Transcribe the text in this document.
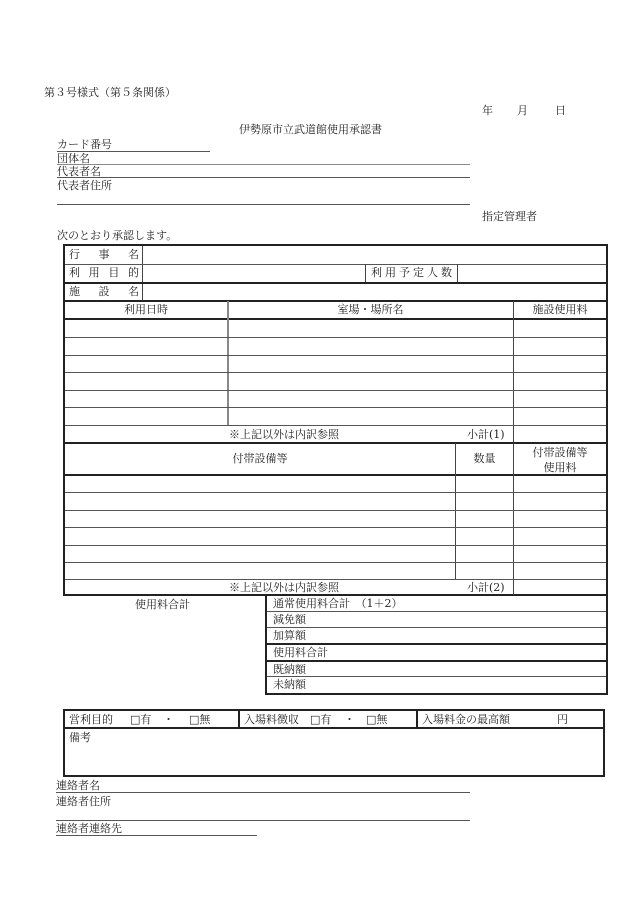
第３号様式（第５条関係）
年 月 日
伊勢原市立武道館使用承認書
カード番号
団体名
代表者名
代表者住所
指定管理者
次のとおり承認します。
行 事 名
利 用 目 的	利用予定人数
施 設 名
利用日時	室場・場所名	施設使用料
※上記以外は内訳参照	小計(1)
付帯設備等	数量	付帯設備等
使用料
※上記以外は内訳参照	小計(2)
使用料合計	通常使用料合計　（1＋2）
減免額
加算額
使用料合計
既納額
未納額
営利目的 □有 ・ □無	入場料徴収 □有 ・ □無	入場料金の最高額	円
備考
連絡者名
連絡者住所
連絡者連絡先
